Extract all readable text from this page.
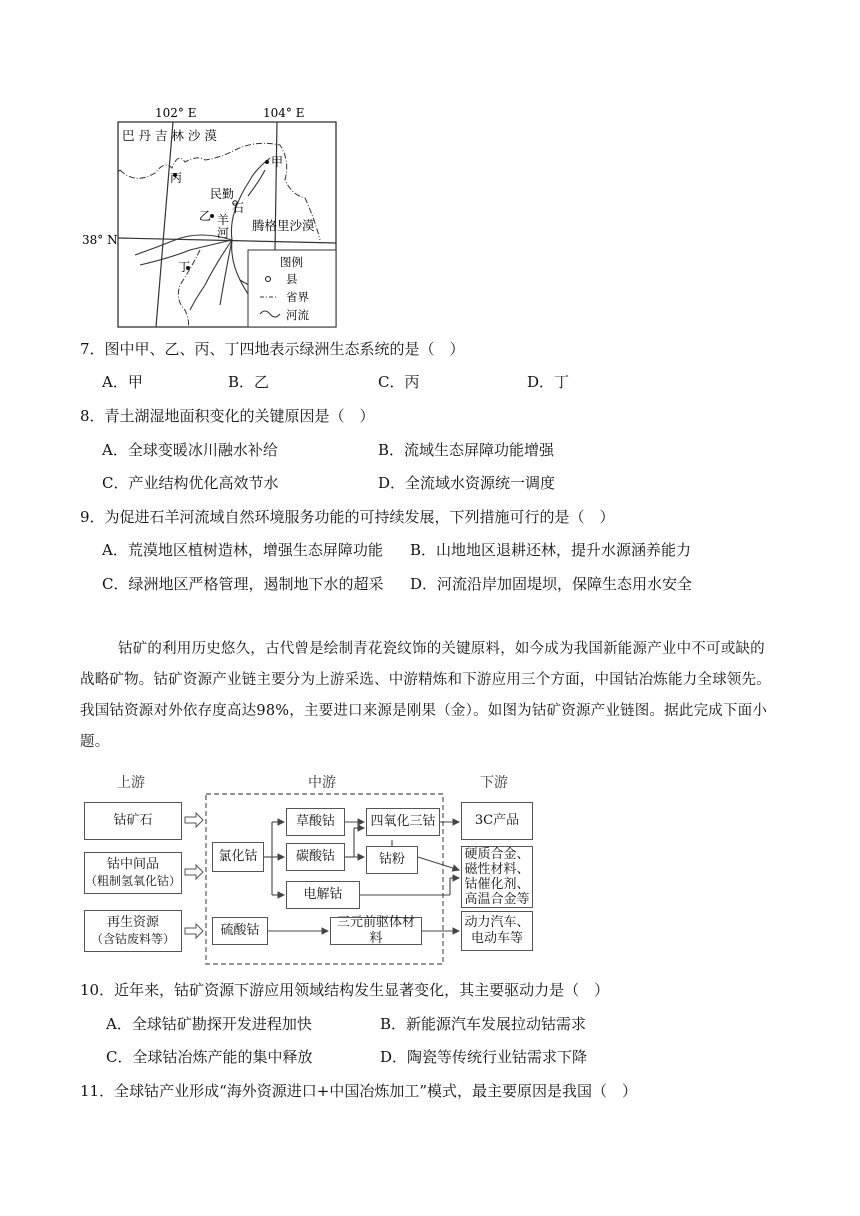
102° E	104° E
38° N
巴 丹 吉 林 沙 漠
腾格里沙漠
甲
丙
民勤
乙
石
羊
河
丁	图例
县
省界
河流
7．图中甲、乙、丙、丁四地表示绿洲生态系统的是（　）
A．甲	B．乙	C．丙	D．丁
8．青土湖湿地面积变化的关键原因是（　）
A．全球变暖冰川融水补给	B．流域生态屏障功能增强
C．产业结构优化高效节水	D．全流域水资源统一调度
9．为促进石羊河流域自然环境服务功能的可持续发展，下列措施可行的是（　）
A．荒漠地区植树造林，增强生态屏障功能 B．山地地区退耕还林，提升水源涵养能力
C．绿洲地区严格管理，遏制地下水的超采 D．河流沿岸加固堤坝，保障生态用水安全
钴矿的利用历史悠久，古代曾是绘制青花瓷纹饰的关键原料，如今成为我国新能源产业中不可或缺的
战略矿物。钴矿资源产业链主要分为上游采选、中游精炼和下游应用三个方面，中国钴冶炼能力全球领先。
我国钴资源对外依存度高达98%，主要进口来源是刚果（金）。如图为钴矿资源产业链图。据此完成下面小
题。
上游	中游	下游
钴矿石
钴中间品
（粗制氢氧化钴）
再生资源
（含钴废料等）
氯化钴
草酸钴
碳酸钴
电解钴
四氧化三钴
钴粉
硫酸钴
三元前驱体材料
3C产品
硬质合金、
磁性材料、
钴催化剂、
高温合金等
动力汽车、
电动车等
10．近年来，钴矿资源下游应用领域结构发生显著变化，其主要驱动力是（　）
A．全球钴矿勘探开发进程加快	B．新能源汽车发展拉动钴需求
C．全球钴冶炼产能的集中释放	D．陶瓷等传统行业钴需求下降
11．全球钴产业形成“海外资源进口+中国冶炼加工”模式，最主要原因是我国（　）
